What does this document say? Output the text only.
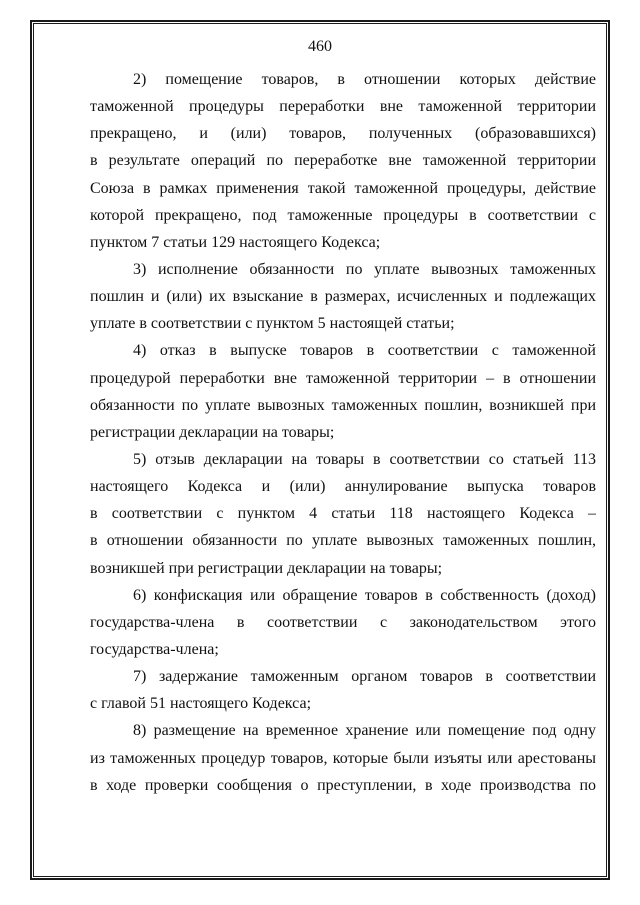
460
2) помещение товаров, в отношении которых действие
таможенной процедуры переработки вне таможенной территории
прекращено, и (или) товаров, полученных (образовавшихся)
в результате операций по переработке вне таможенной территории
Союза в рамках применения такой таможенной процедуры, действие
которой прекращено, под таможенные процедуры в соответствии с
пунктом 7 статьи 129 настоящего Кодекса;
3) исполнение обязанности по уплате вывозных таможенных
пошлин и (или) их взыскание в размерах, исчисленных и подлежащих
уплате в соответствии с пунктом 5 настоящей статьи;
4) отказ в выпуске товаров в соответствии с таможенной
процедурой переработки вне таможенной территории – в отношении
обязанности по уплате вывозных таможенных пошлин, возникшей при
регистрации декларации на товары;
5) отзыв декларации на товары в соответствии со статьей 113
настоящего Кодекса и (или) аннулирование выпуска товаров
в соответствии с пунктом 4 статьи 118 настоящего Кодекса –
в отношении обязанности по уплате вывозных таможенных пошлин,
возникшей при регистрации декларации на товары;
6) конфискация или обращение товаров в собственность (доход)
государства-члена в соответствии с законодательством этого
государства-члена;
7) задержание таможенным органом товаров в соответствии
с главой 51 настоящего Кодекса;
8) размещение на временное хранение или помещение под одну
из таможенных процедур товаров, которые были изъяты или арестованы
в ходе проверки сообщения о преступлении, в ходе производства по
